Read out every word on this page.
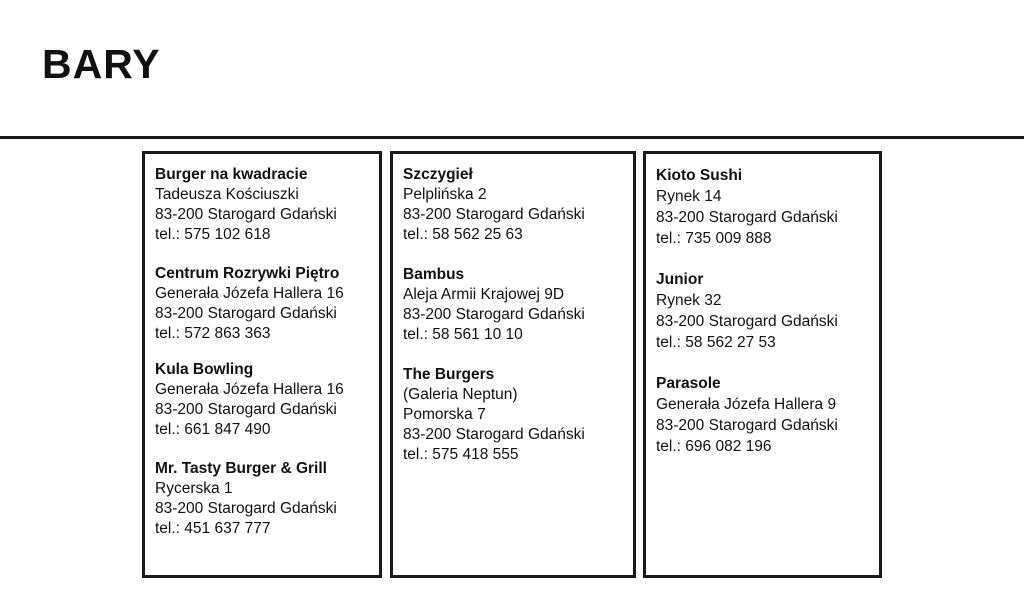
BARY
Burger na kwadracie
Tadeusza Kościuszki
83-200 Starogard Gdański
tel.: 575 102 618
Centrum Rozrywki Piętro
Generała Józefa Hallera 16
83-200 Starogard Gdański
tel.: 572 863 363
Kula Bowling
Generała Józefa Hallera 16
83-200 Starogard Gdański
tel.: 661 847 490
Mr. Tasty Burger & Grill
Rycerska 1
83-200 Starogard Gdański
tel.: 451 637 777
Szczygieł
Pelplińska 2
83-200 Starogard Gdański
tel.: 58 562 25 63
Bambus
Aleja Armii Krajowej 9D
83-200 Starogard Gdański
tel.: 58 561 10 10
The Burgers
(Galeria Neptun)
Pomorska 7
83-200 Starogard Gdański
tel.: 575 418 555
Kioto Sushi
Rynek 14
83-200 Starogard Gdański
tel.: 735 009 888
Junior
Rynek 32
83-200 Starogard Gdański
tel.: 58 562 27 53
Parasole
Generała Józefa Hallera 9
83-200 Starogard Gdański
tel.: 696 082 196
